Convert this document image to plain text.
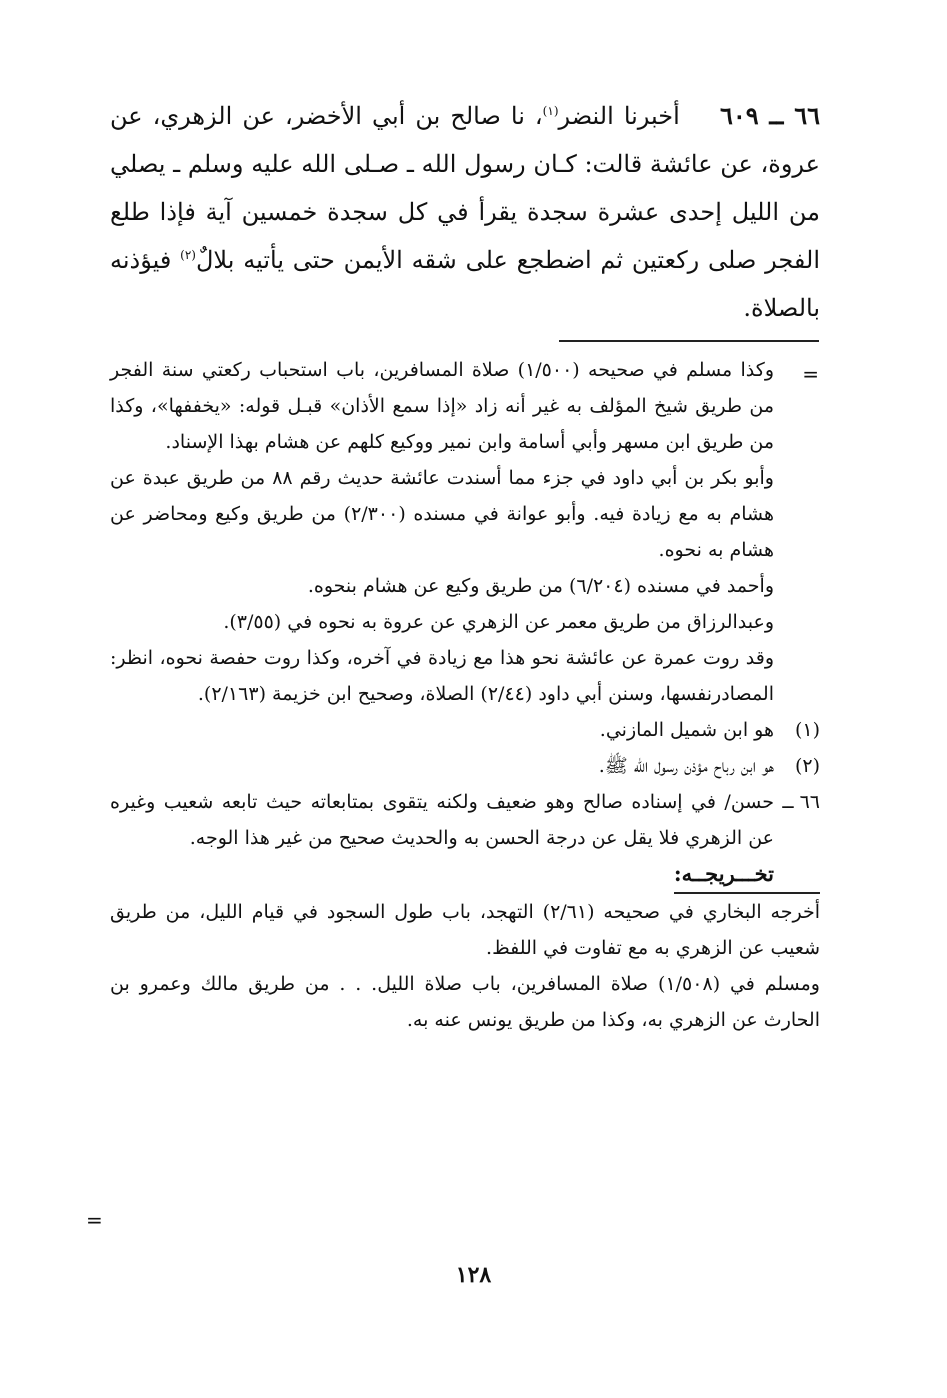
٦٦ ــ ٦٠٩    أخبرنا النضر$^{(١)}$، نا صالح بن أبي الأخضر، عن الزهري، عن عروة، عن عائشة قالت: كـان رسول الله ـ صـلى الله عليه وسلم ـ يصلي من الليل إحدى عشرة سجدة يقرأ في كل سجدة خمسين آية فإذا طلع الفجر صلى ركعتين ثم اضطجع على شقه الأيمن حتى يأتيه بلالٌ$^{(٢)}$ فيؤذنه بالصلاة.

=

وكذا مسلم في صحيحه (١/٥٠٠) صلاة المسافرين، باب استحباب ركعتي سنة الفجر من طريق شيخ المؤلف به غير أنه زاد «إذا سمع الأذان» قبـل قوله: «يخففها»، وكذا من طريق ابن مسهر وأبي أسامة وابن نمير ووكيع كلهم عن هشام بهذا الإسناد.

وأبو بكر بن أبي داود في جزء مما أسندت عائشة حديث رقم ٨٨ من طريق عبدة عن هشام به مع زيادة فيه. وأبو عوانة في مسنده (٢/٣٠٠) من طريق وكيع ومحاضر عن هشام به نحوه.

وأحمد في مسنده (٦/٢٠٤) من طريق وكيع عن هشام بنحوه.

وعبدالرزاق من طريق معمر عن الزهري عن عروة به نحوه في (٣/٥٥).

وقد روت عمرة عن عائشة نحو هذا مع زيادة في آخره، وكذا روت حفصة نحوه، انظر: المصادرنفسها، وسنن أبي داود (٢/٤٤) الصلاة، وصحيح ابن خزيمة (٢/١٦٣).

(١)
هو ابن شميل المازني.
(٢)
هو ابن رباح مؤذن رسول الله ﷺ.
٦٦ ــ
حسن/ في إسناده صالح وهو ضعيف ولكنه يتقوى بمتابعاته حيث تابعه شعيب وغيره عن الزهري فلا يقل عن درجة الحسن به والحديث صحيح من غير هذا الوجه.
تخـــريجــه:

أخرجه البخاري في صحيحه (٢/٦١) التهجد، باب طول السجود في قيام الليل، من طريق شعيب عن الزهري به مع تفاوت في اللفظ.

ومسلم في (١/٥٠٨) صلاة المسافرين، باب صلاة الليل. . . من طريق مالك وعمرو بن الحارث عن الزهري به، وكذا من طريق يونس عنه به.

=
١٢٨
